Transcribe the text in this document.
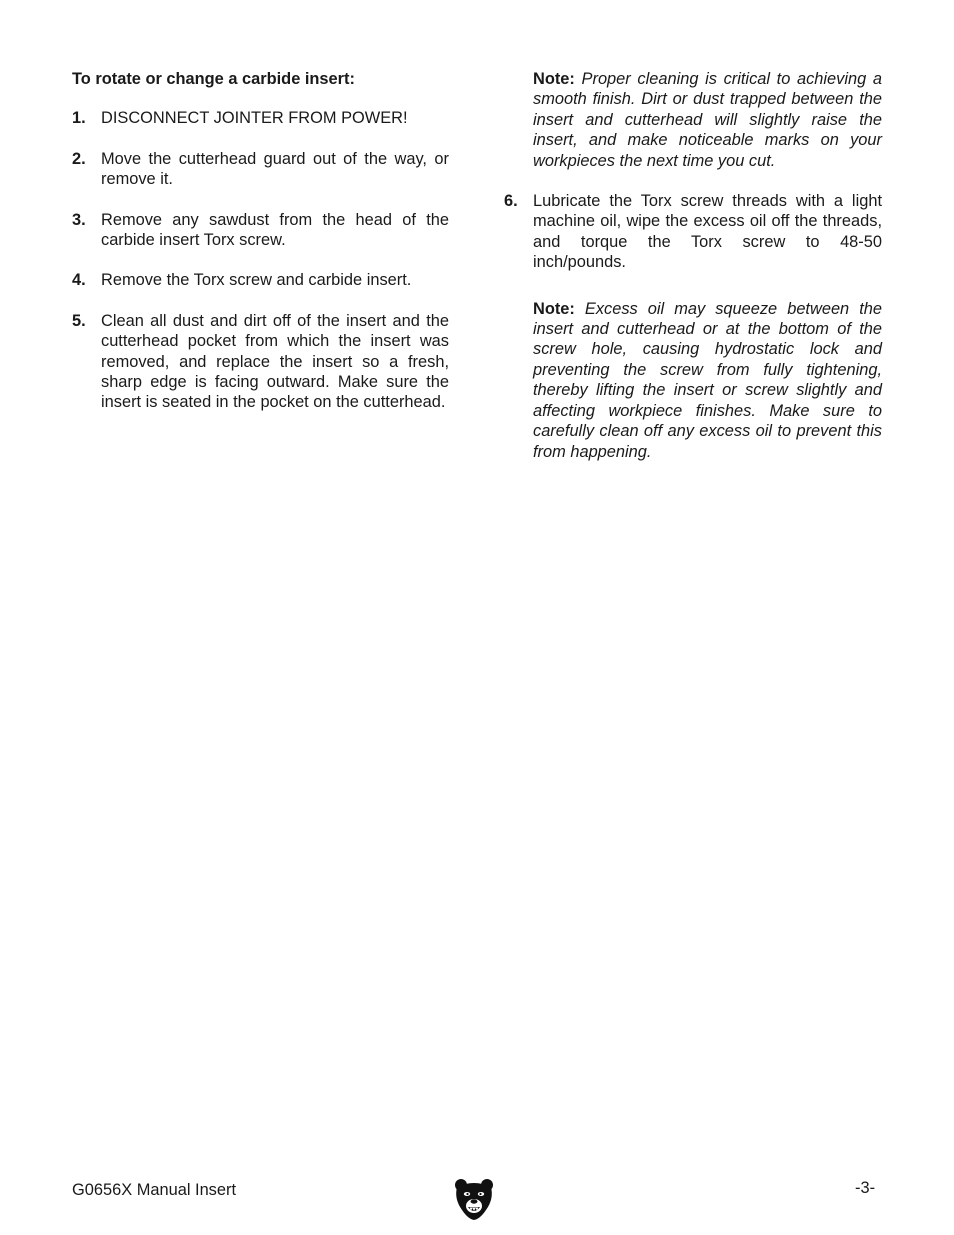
To rotate or change a carbide insert:

1. DISCONNECT JOINTER FROM POWER!
2. Move the cutterhead guard out of the way, or remove it.
3. Remove any sawdust from the head of the carbide insert Torx screw.
4. Remove the Torx screw and carbide insert.
5. Clean all dust and dirt off of the insert and the cutterhead pocket from which the insert was removed, and replace the insert so a fresh, sharp edge is facing outward. Make sure the insert is seated in the pocket on the cutterhead.
Note: Proper cleaning is critical to achieving a smooth finish. Dirt or dust trapped between the insert and cutterhead will slightly raise the insert, and make noticeable marks on your workpieces the next time you cut.
6. Lubricate the Torx screw threads with a light machine oil, wipe the excess oil off the threads, and torque the Torx screw to 48-50 inch/pounds.
Note: Excess oil may squeeze between the insert and cutterhead or at the bottom of the screw hole, causing hydrostatic lock and preventing the screw from fully tightening, thereby lifting the insert or screw slightly and affecting workpiece finishes. Make sure to carefully clean off any excess oil to prevent this from happening.
G0656X Manual Insert	-3-
